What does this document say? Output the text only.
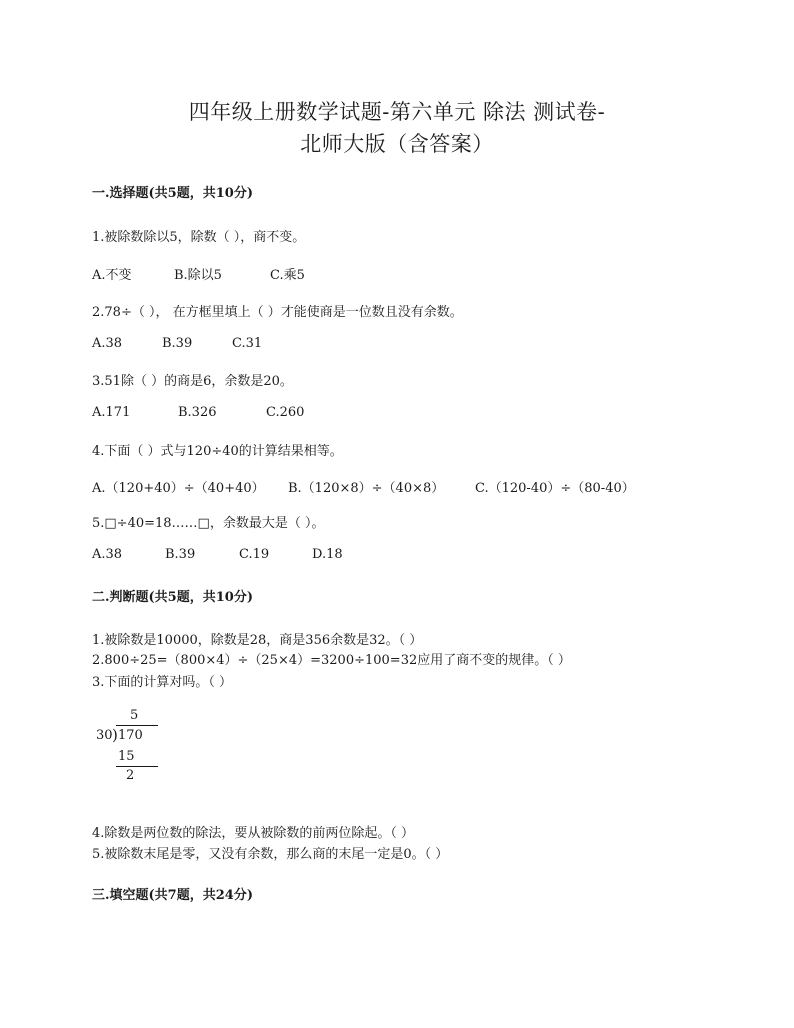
四年级上册数学试题-第六单元 除法 测试卷-
北师大版（含答案）
一.选择题(共5题，共10分)
1.被除数除以5，除数（ ），商不变。
A.不变	B.除以5	C.乘5
2.78÷（ ）， 在方框里填上（ ）才能使商是一位数且没有余数。
A.38	B.39	C.31
3.51除（ ）的商是6，余数是20。
A.171	B.326	C.260
4.下面（ ）式与120÷40的计算结果相等。
A.（120+40）÷（40+40） B.（120×8）÷（40×8） C.（120-40）÷（80-40）
5.□÷40=18……□，余数最大是（ ）。
A.38	B.39	C.19	D.18
二.判断题(共5题，共10分)
1.被除数是10000，除数是28，商是356余数是32。（ ）
2.800÷25=（800×4）÷（25×4）=3200÷100=32应用了商不变的规律。（ ）
3.下面的计算对吗。（ ）
5
30 ) 170
15
2
4.除数是两位数的除法，要从被除数的前两位除起。（ ）
5.被除数末尾是零，又没有余数，那么商的末尾一定是0。（ ）
三.填空题(共7题，共24分)
